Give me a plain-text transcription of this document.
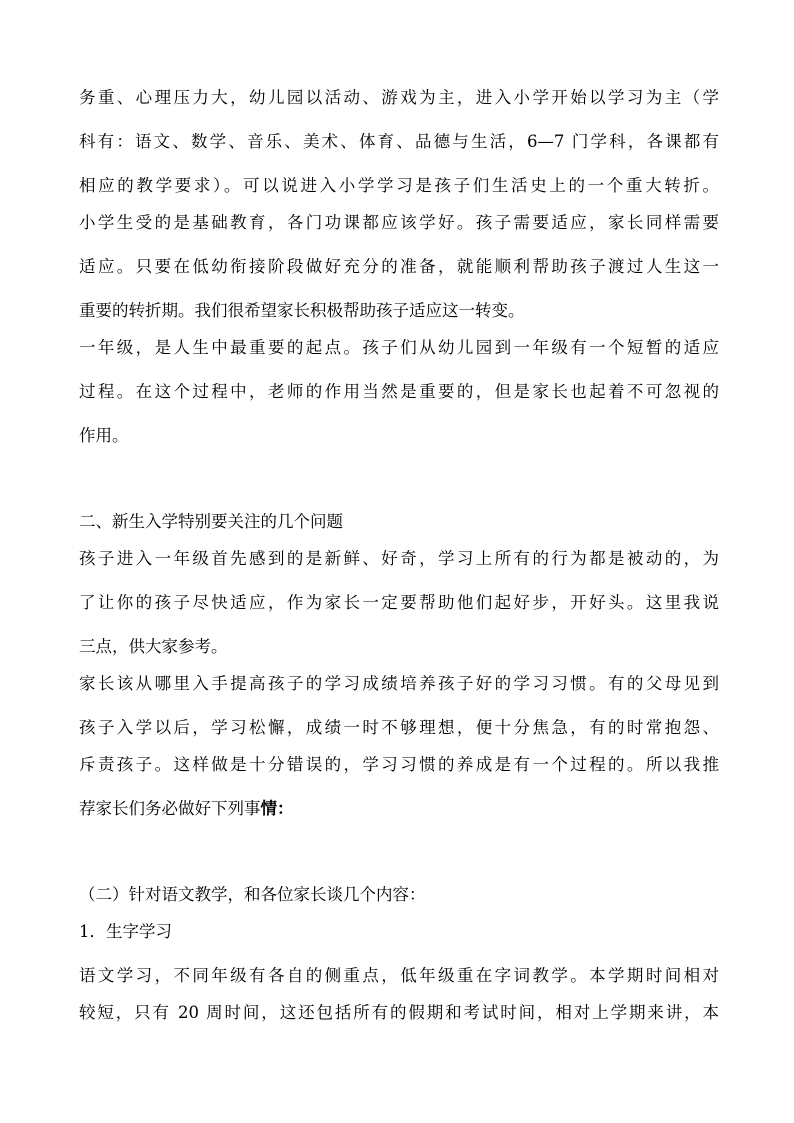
务重、心理压力大，幼儿园以活动、游戏为主，进入小学开始以学习为主（学
科有：语文、数学、音乐、美术、体育、品德与生活，6—7 门学科，各课都有
相应的教学要求）。可以说进入小学学习是孩子们生活史上的一个重大转折。
小学生受的是基础教育，各门功课都应该学好。孩子需要适应，家长同样需要
适应。只要在低幼衔接阶段做好充分的准备，就能顺利帮助孩子渡过人生这一
重要的转折期。我们很希望家长积极帮助孩子适应这一转变。
一年级，是人生中最重要的起点。孩子们从幼儿园到一年级有一个短暂的适应
过程。在这个过程中，老师的作用当然是重要的，但是家长也起着不可忽视的
作用。
二、新生入学特别要关注的几个问题
孩子进入一年级首先感到的是新鲜、好奇，学习上所有的行为都是被动的，为
了让你的孩子尽快适应，作为家长一定要帮助他们起好步，开好头。这里我说
三点，供大家参考。
家长该从哪里入手提高孩子的学习成绩培养孩子好的学习习惯。有的父母见到
孩子入学以后，学习松懈，成绩一时不够理想，便十分焦急，有的时常抱怨、
斥责孩子。这样做是十分错误的，学习习惯的养成是有一个过程的。所以我推
荐家长们务必做好下列事情：
（二）针对语文教学，和各位家长谈几个内容：
1．生字学习
语文学习，不同年级有各自的侧重点，低年级重在字词教学。本学期时间相对
较短，只有 20 周时间，这还包括所有的假期和考试时间，相对上学期来讲，本
